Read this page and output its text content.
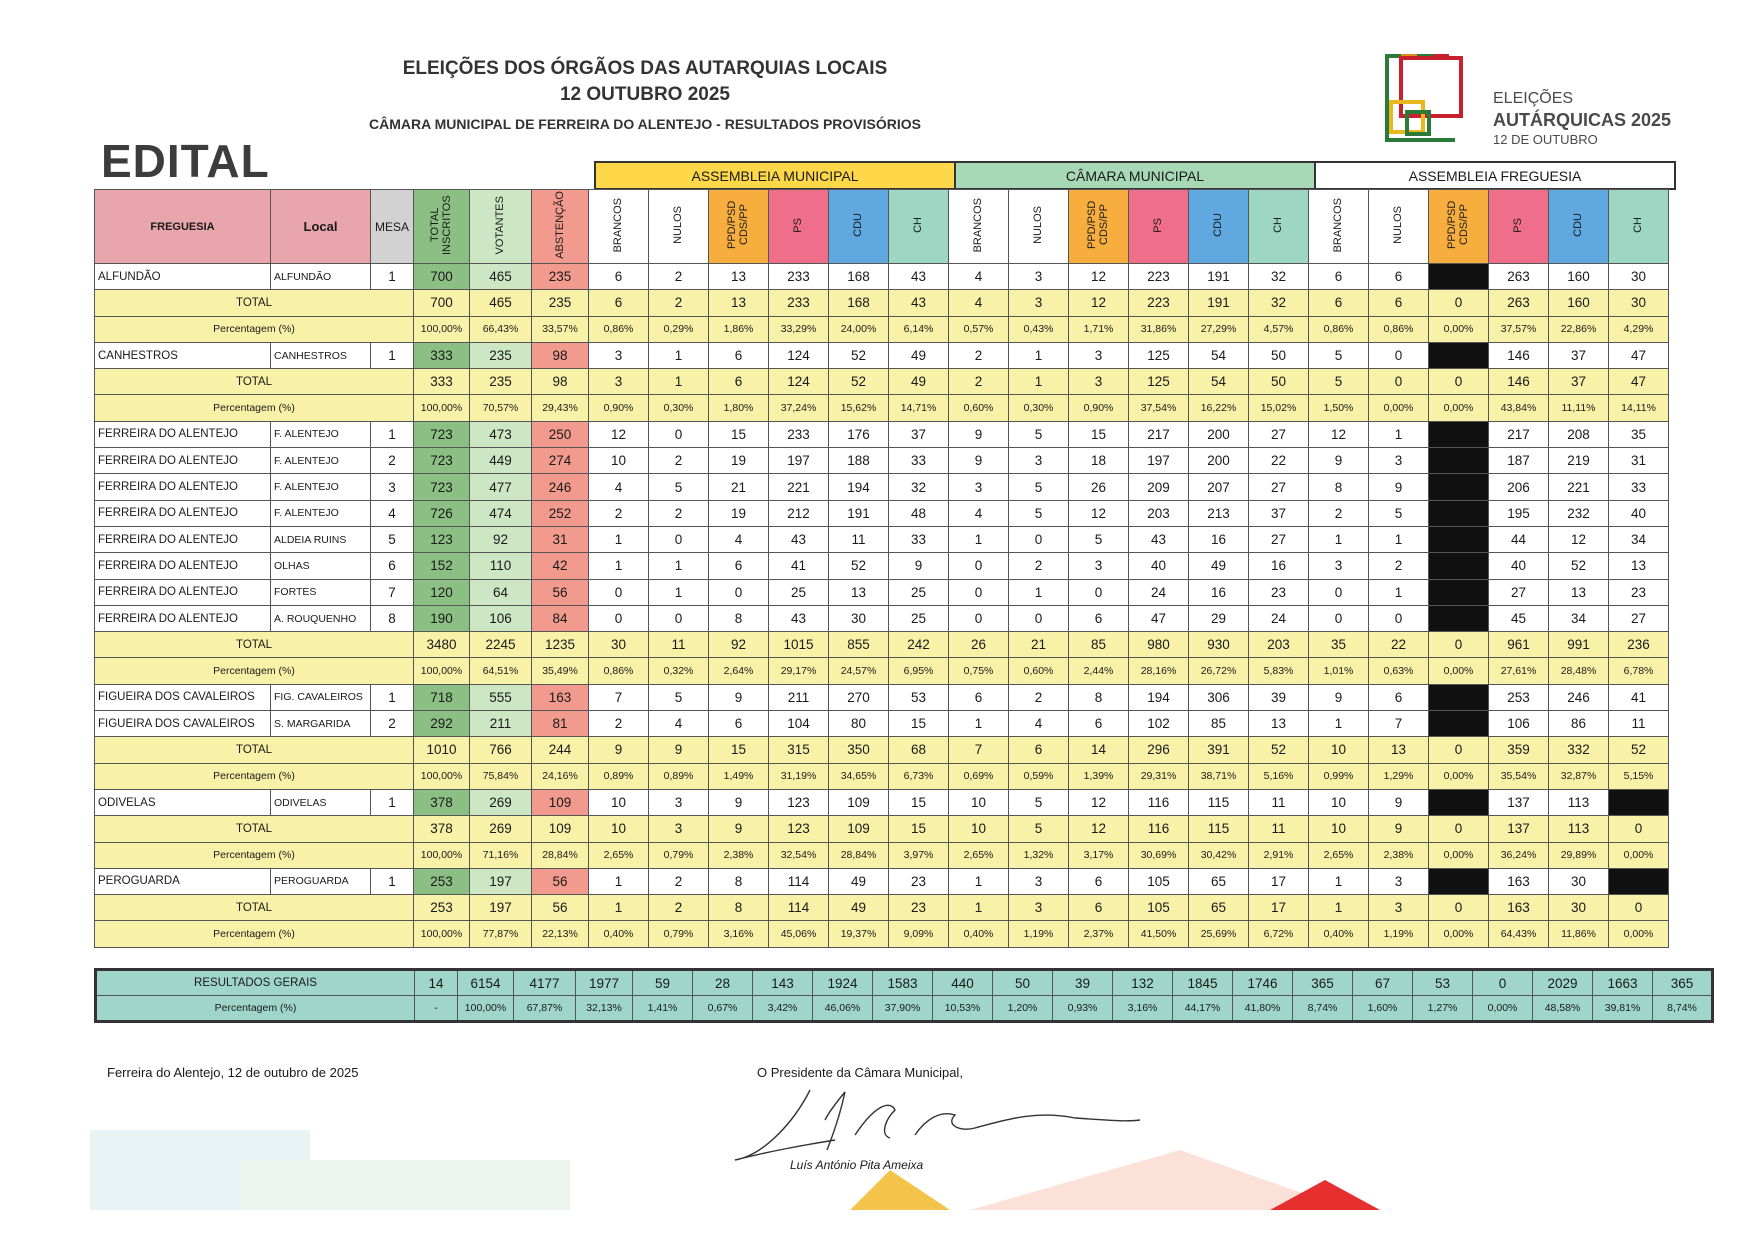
ELEIÇÕES DOS ÓRGÃOS DAS AUTARQUIAS LOCAIS
12 OUTUBRO 2025
CÂMARA MUNICIPAL DE FERREIRA DO ALENTEJO - RESULTADOS PROVISÓRIOS
EDITAL
ELEIÇÕES
AUTÁRQUICAS 2025
12 DE OUTUBRO
ASSEMBLEIA MUNICIPAL	CÂMARA MUNICIPAL	ASSEMBLEIA FREGUESIA
FREGUESIA	Local	MESA	TOTAL INSCRITOS	VOTANTES	ABSTENÇÃO	BRANCOS	NULOS	PPD/PSD CDS/PP	PS	CDU	CH	BRANCOS	NULOS	PPD/PSD CDS/PP	PS	CDU	CH	BRANCOS	NULOS	PPD/PSD CDS/PP	PS	CDU	CH
ALFUNDÃO	ALFUNDÃO	1	700	465	235	6	2	13	233	168	43	4	3	12	223	191	32	6	6		263	160	30
TOTAL			700	465	235	6	2	13	233	168	43	4	3	12	223	191	32	6	6	0	263	160	30
Percentagem (%)			100,00%	66,43%	33,57%	0,86%	0,29%	1,86%	33,29%	24,00%	6,14%	0,57%	0,43%	1,71%	31,86%	27,29%	4,57%	0,86%	0,86%	0,00%	37,57%	22,86%	4,29%
CANHESTROS	CANHESTROS	1	333	235	98	3	1	6	124	52	49	2	1	3	125	54	50	5	0		146	37	47
TOTAL			333	235	98	3	1	6	124	52	49	2	1	3	125	54	50	5	0	0	146	37	47
Percentagem (%)			100,00%	70,57%	29,43%	0,90%	0,30%	1,80%	37,24%	15,62%	14,71%	0,60%	0,30%	0,90%	37,54%	16,22%	15,02%	1,50%	0,00%	0,00%	43,84%	11,11%	14,11%
FERREIRA DO ALENTEJO	F. ALENTEJO	1	723	473	250	12	0	15	233	176	37	9	5	15	217	200	27	12	1		217	208	35
FERREIRA DO ALENTEJO	F. ALENTEJO	2	723	449	274	10	2	19	197	188	33	9	3	18	197	200	22	9	3		187	219	31
FERREIRA DO ALENTEJO	F. ALENTEJO	3	723	477	246	4	5	21	221	194	32	3	5	26	209	207	27	8	9		206	221	33
FERREIRA DO ALENTEJO	F. ALENTEJO	4	726	474	252	2	2	19	212	191	48	4	5	12	203	213	37	2	5		195	232	40
FERREIRA DO ALENTEJO	ALDEIA RUINS	5	123	92	31	1	0	4	43	11	33	1	0	5	43	16	27	1	1		44	12	34
FERREIRA DO ALENTEJO	OLHAS	6	152	110	42	1	1	6	41	52	9	0	2	3	40	49	16	3	2		40	52	13
FERREIRA DO ALENTEJO	FORTES	7	120	64	56	0	1	0	25	13	25	0	1	0	24	16	23	0	1		27	13	23
FERREIRA DO ALENTEJO	A. ROUQUENHO	8	190	106	84	0	0	8	43	30	25	0	0	6	47	29	24	0	0		45	34	27
TOTAL			3480	2245	1235	30	11	92	1015	855	242	26	21	85	980	930	203	35	22	0	961	991	236
Percentagem (%)			100,00%	64,51%	35,49%	0,86%	0,32%	2,64%	29,17%	24,57%	6,95%	0,75%	0,60%	2,44%	28,16%	26,72%	5,83%	1,01%	0,63%	0,00%	27,61%	28,48%	6,78%
FIGUEIRA DOS CAVALEIROS	FIG. CAVALEIROS	1	718	555	163	7	5	9	211	270	53	6	2	8	194	306	39	9	6		253	246	41
FIGUEIRA DOS CAVALEIROS	S. MARGARIDA	2	292	211	81	2	4	6	104	80	15	1	4	6	102	85	13	1	7		106	86	11
TOTAL			1010	766	244	9	9	15	315	350	68	7	6	14	296	391	52	10	13	0	359	332	52
Percentagem (%)			100,00%	75,84%	24,16%	0,89%	0,89%	1,49%	31,19%	34,65%	6,73%	0,69%	0,59%	1,39%	29,31%	38,71%	5,16%	0,99%	1,29%	0,00%	35,54%	32,87%	5,15%
ODIVELAS	ODIVELAS	1	378	269	109	10	3	9	123	109	15	10	5	12	116	115	11	10	9		137	113	
TOTAL			378	269	109	10	3	9	123	109	15	10	5	12	116	115	11	10	9	0	137	113	0
Percentagem (%)			100,00%	71,16%	28,84%	2,65%	0,79%	2,38%	32,54%	28,84%	3,97%	2,65%	1,32%	3,17%	30,69%	30,42%	2,91%	2,65%	2,38%	0,00%	36,24%	29,89%	0,00%
PEROGUARDA	PEROGUARDA	1	253	197	56	1	2	8	114	49	23	1	3	6	105	65	17	1	3		163	30	
TOTAL			253	197	56	1	2	8	114	49	23	1	3	6	105	65	17	1	3	0	163	30	0
Percentagem (%)			100,00%	77,87%	22,13%	0,40%	0,79%	3,16%	45,06%	19,37%	9,09%	0,40%	1,19%	2,37%	41,50%	25,69%	6,72%	0,40%	1,19%	0,00%	64,43%	11,86%	0,00%
RESULTADOS GERAIS	14	6154	4177	1977	59	28	143	1924	1583	440	50	39	132	1845	1746	365	67	53	0	2029	1663	365
Percentagem (%)	-	100,00%	67,87%	32,13%	1,41%	0,67%	3,42%	46,06%	37,90%	10,53%	1,20%	0,93%	3,16%	44,17%	41,80%	8,74%	1,60%	1,27%	0,00%	48,58%	39,81%	8,74%
Ferreira do Alentejo, 12 de outubro de 2025	O Presidente da Câmara Municipal,
Luís António Pita Ameixa
